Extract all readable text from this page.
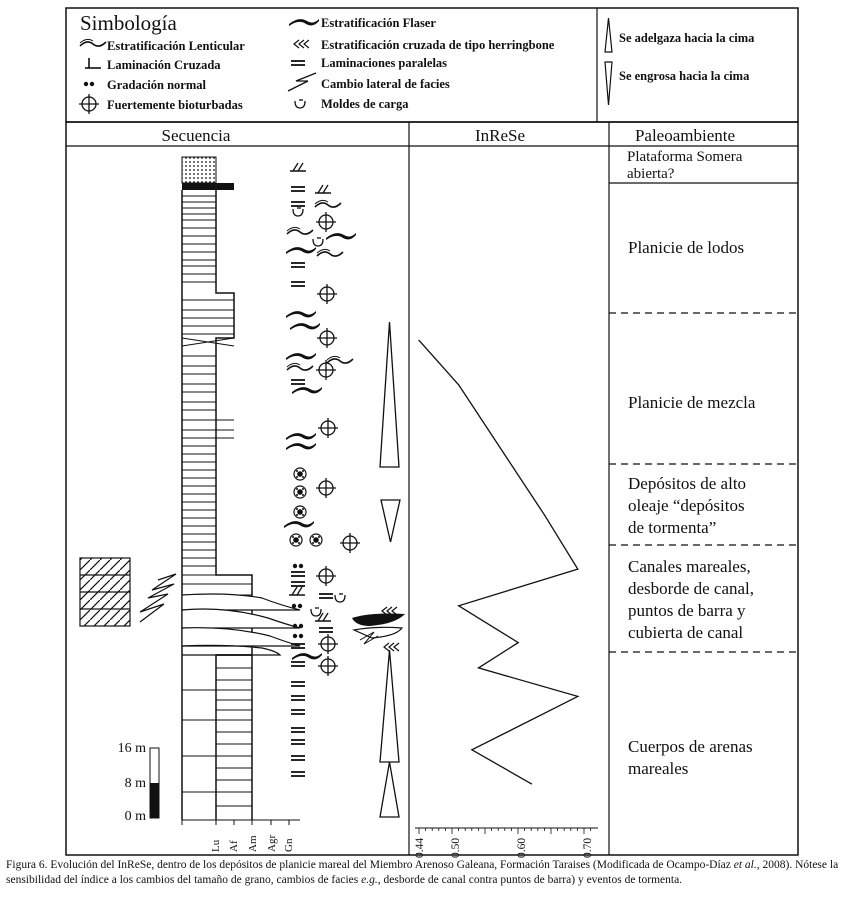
Simbología
Estratificación Lenticular
Laminación Cruzada
Gradación normal
Fuertemente bioturbadas
Estratificación Flaser
Estratificación cruzada de tipo herringbone
Laminaciones paralelas
Cambio lateral de facies
Moldes de carga
Se adelgaza hacia la cima
Se engrosa hacia la cima
Secuencia	InReSe	Paleoambiente
16 m
8 m
0 m
Lu Af Am Agr Gn	0.44 0.50	0.60	0.70
Plataforma Somera abierta?
Planicie de lodos
Planicie de mezcla
Depósitos de alto oleaje “depósitos de tormenta”
Canales mareales, desborde de canal, puntos de barra y cubierta de canal
Cuerpos de arenas mareales

Figura 6. Evolución del InReSe, dentro de los depósitos de planicie mareal del Miembro Arenoso Galeana, Formación Taraises (Modificada de Ocampo-Díaz et al., 2008). Nótese la sensibilidad del índice a los cambios del tamaño de grano, cambios de facies e.g., desborde de canal contra puntos de barra) y eventos de tormenta.
